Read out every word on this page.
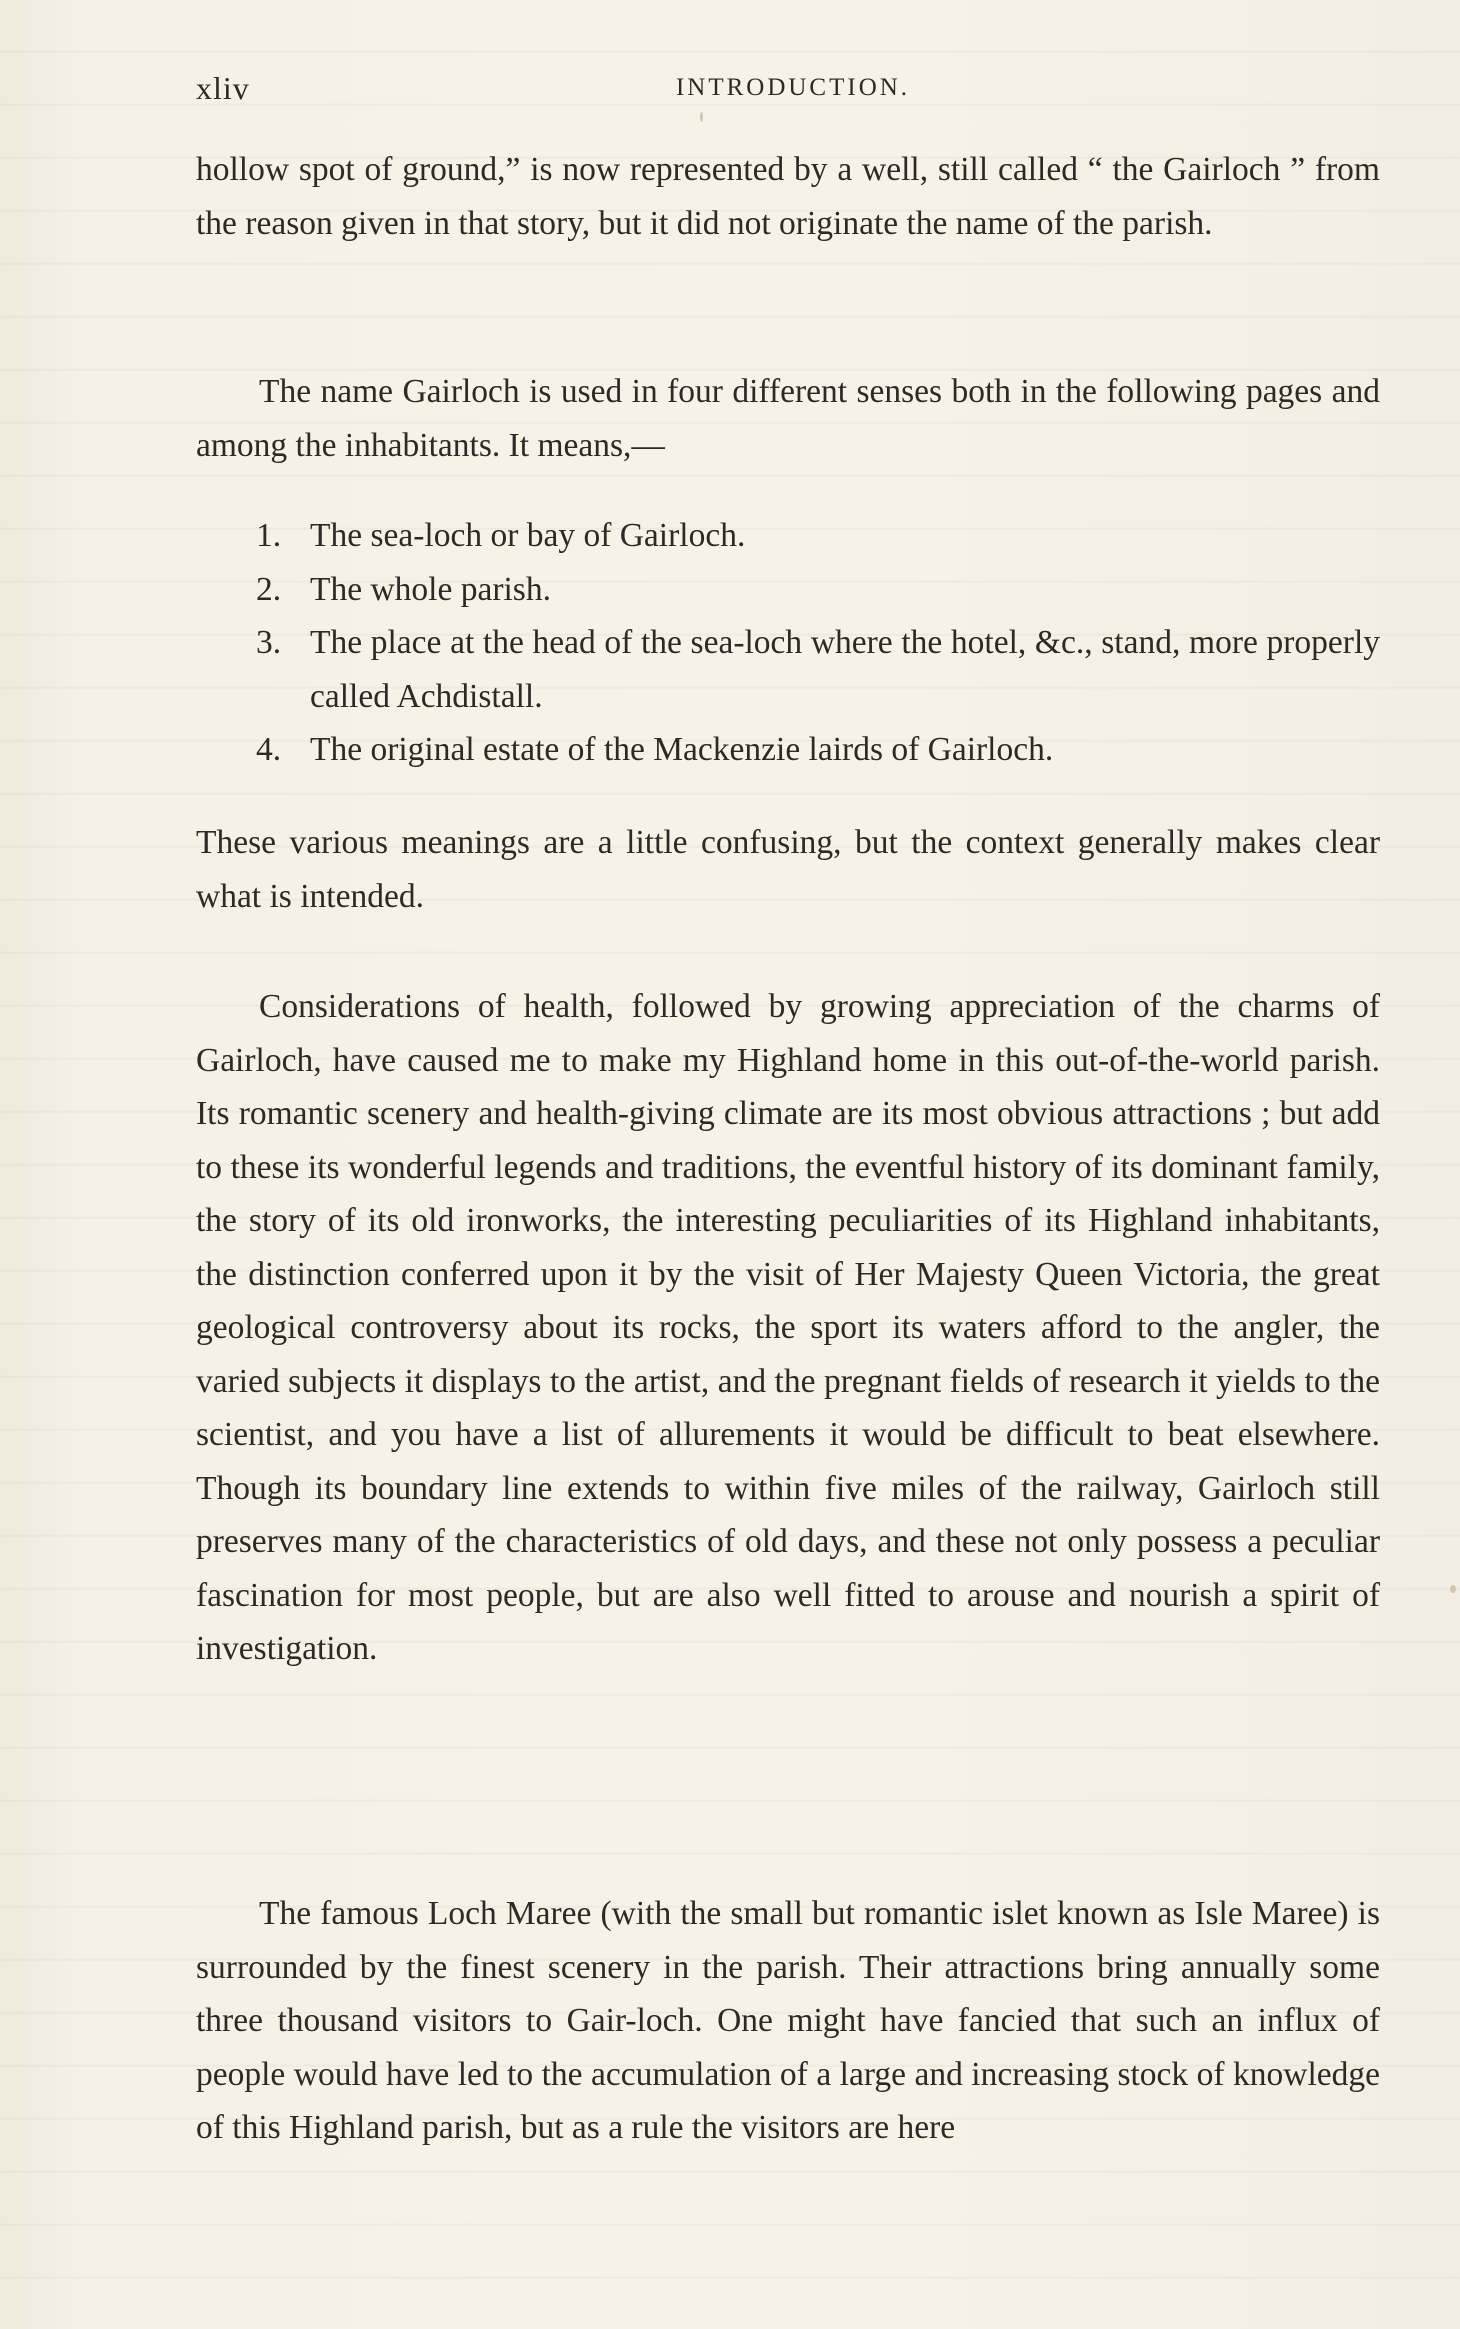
xliv	INTRODUCTION.

hollow spot of ground,” is now represented by a well, still called “ the Gairloch ” from the reason given in that story, but it did not originate the name of the parish.

The name Gairloch is used in four different senses both in the following pages and among the inhabitants. It means,—

1. The sea-loch or bay of Gairloch.
2. The whole parish.
3. The place at the head of the sea-loch where the hotel, &c., stand, more properly called Achdistall.
4. The original estate of the Mackenzie lairds of Gairloch.

These various meanings are a little confusing, but the context generally makes clear what is intended.

Considerations of health, followed by growing appreciation of the charms of Gairloch, have caused me to make my Highland home in this out-of-the-world parish. Its romantic scenery and health-giving climate are its most obvious attractions ; but add to these its wonderful legends and traditions, the eventful history of its dominant family, the story of its old ironworks, the interesting peculiarities of its Highland inhabitants, the distinction conferred upon it by the visit of Her Majesty Queen Victoria, the great geological controversy about its rocks, the sport its waters afford to the angler, the varied subjects it displays to the artist, and the pregnant fields of research it yields to the scientist, and you have a list of allurements it would be difficult to beat elsewhere. Though its boundary line extends to within five miles of the railway, Gairloch still preserves many of the characteristics of old days, and these not only possess a peculiar fascination for most people, but are also well fitted to arouse and nourish a spirit of investigation.

The famous Loch Maree (with the small but romantic islet known as Isle Maree) is surrounded by the finest scenery in the parish. Their attractions bring annually some three thousand visitors to Gair-loch. One might have fancied that such an influx of people would have led to the accumulation of a large and increasing stock of knowledge of this Highland parish, but as a rule the visitors are here
